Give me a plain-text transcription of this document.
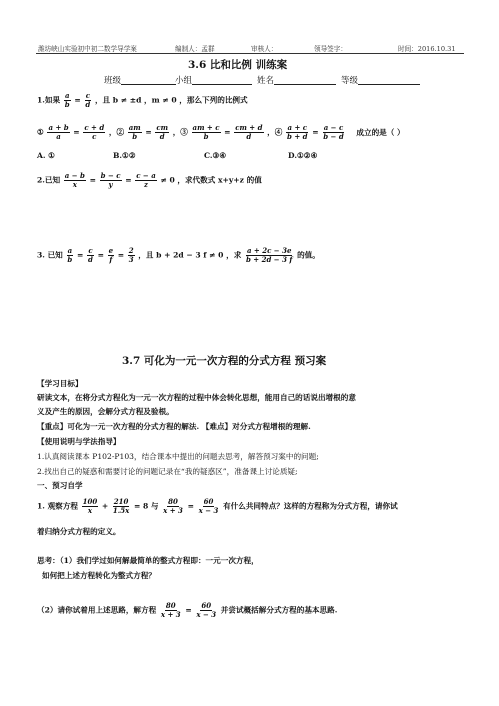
潍坊峡山实验初中初二数学导学案	编制人：孟群	审核人：	领导签字：	时间：2016.10.31
3.6 比和比例 训练案
班级	小组	姓名	等级
1.如果 $\frac{a}{b} = \frac{c}{d}$ ，且 b ≠ ±d ，m ≠ 0 ，那么下列的比例式
① $\frac{a + b}{a} = \frac{c + d}{c}$ ，② $\frac{am}{b} = \frac{cm}{d}$ ，③ $\frac{am + c}{b} = \frac{cm + d}{d}$ ，④ $\frac{a + c}{b + d} = \frac{a - c}{b - d}$ 成立的是（ ）
A. ①	B.①②	C.③④	D.①②④
2.已知 $\frac{a - b}{x} = \frac{b - c}{y} = \frac{c - a}{z} \ne 0$ ，求代数式 x+y+z 的值
3. 已知 $\frac{a}{b} = \frac{c}{d} = \frac{e}{f} = \frac{2}{3}$ ，且 b + 2d − 3 f ≠ 0 ，求 $\frac{a + 2c - 3e}{b + 2d - 3 f}$ 的值。
3.7 可化为一元一次方程的分式方程 预习案
【学习目标】
研读文本，在将分式方程化为一元一次方程的过程中体会转化思想，能用自己的话说出增根的意
义及产生的原因，会解分式方程及验根。
【重点】可化为一元一次方程的分式方程的解法. 【难点】对分式方程增根的理解.
【使用说明与学法指导】
1.认真阅读课本 P102-P103，结合课本中提出的问题去思考，解答预习案中的问题;
2.找出自己的疑惑和需要讨论的问题记录在“我的疑惑区”，准备课上讨论质疑;
一、预习自学
1. 观察方程 $\frac{100}{x} + \frac{210}{1.5x} = 8$ 与 $\frac{80}{x + 3} = \frac{60}{x - 3}$ 有什么共同特点？这样的方程称为分式方程，请你试
着归纳分式方程的定义。
思考：（1）我们学过如何解最简单的整式方程即：一元一次方程，
如何把上述方程转化为整式方程？
（2）请你试着用上述思路，解方程 $\frac{80}{x + 3} = \frac{60}{x - 3}$ 并尝试概括解分式方程的基本思路.
